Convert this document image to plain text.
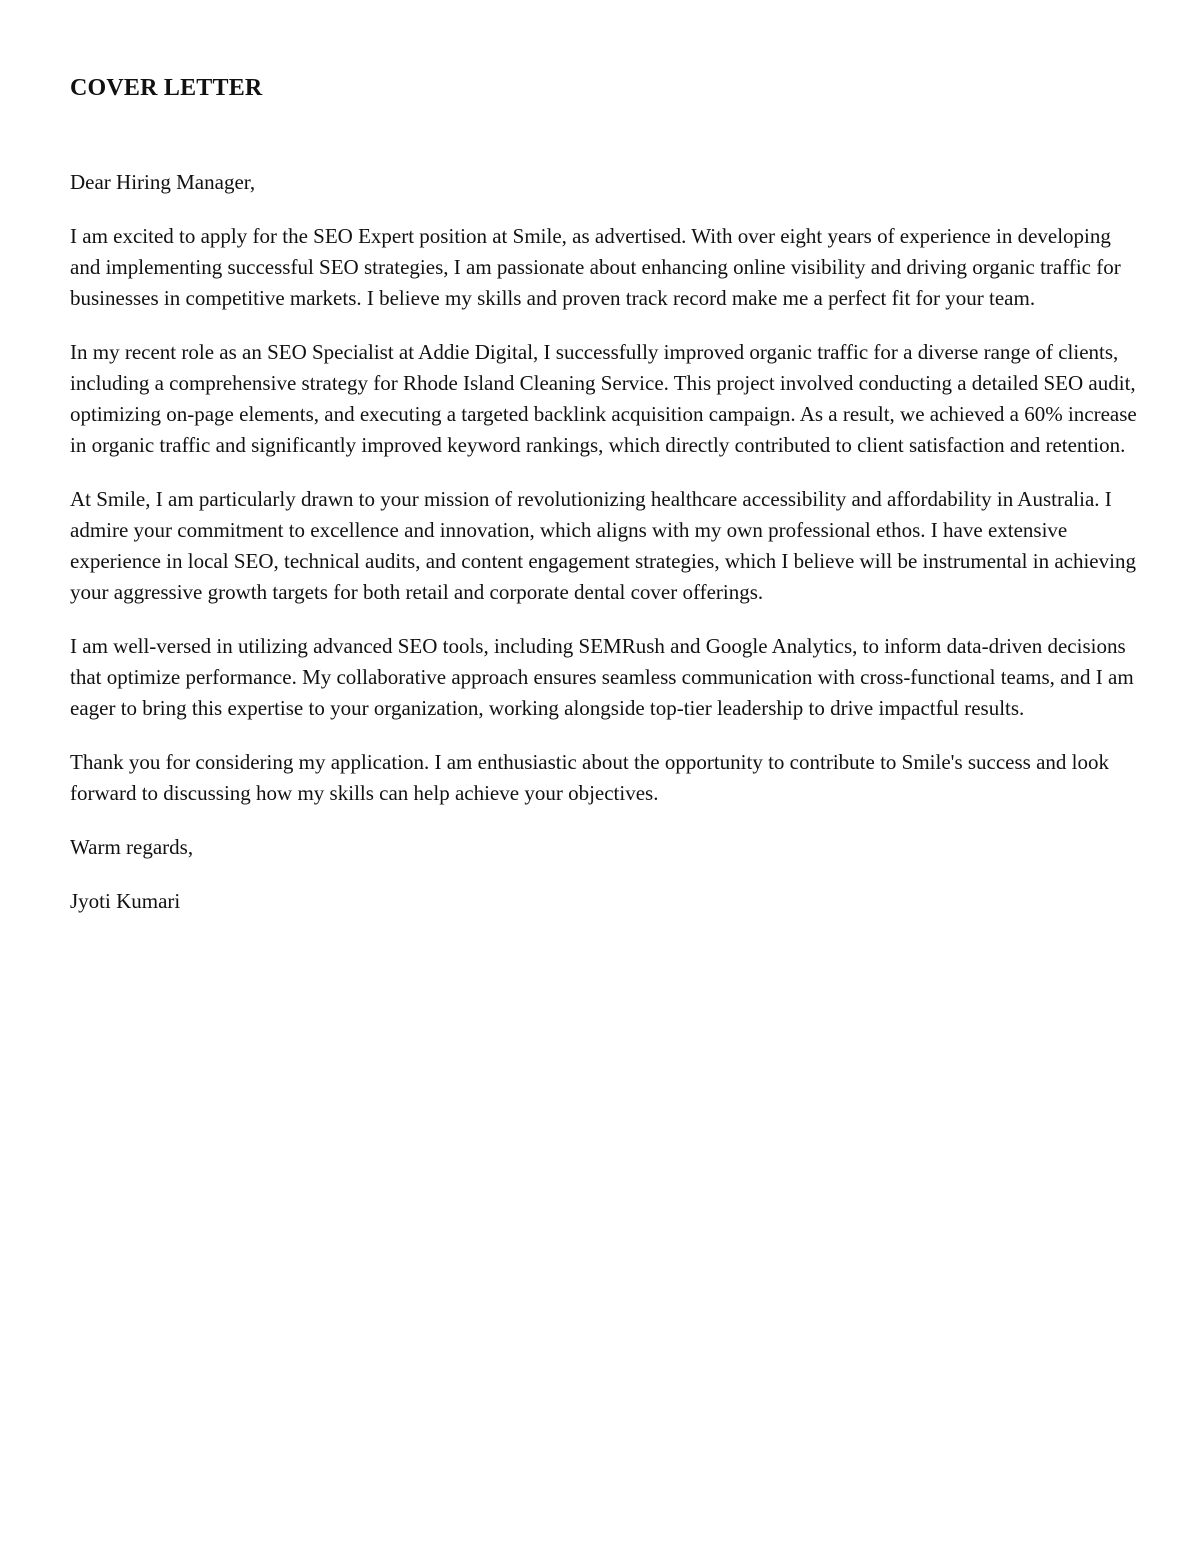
COVER LETTER

Dear Hiring Manager,

I am excited to apply for the SEO Expert position at Smile, as advertised. With over eight years of experience in developing and implementing successful SEO strategies, I am passionate about enhancing online visibility and driving organic traffic for businesses in competitive markets. I believe my skills and proven track record make me a perfect fit for your team.

In my recent role as an SEO Specialist at Addie Digital, I successfully improved organic traffic for a diverse range of clients, including a comprehensive strategy for Rhode Island Cleaning Service. This project involved conducting a detailed SEO audit, optimizing on-page elements, and executing a targeted backlink acquisition campaign. As a result, we achieved a 60% increase in organic traffic and significantly improved keyword rankings, which directly contributed to client satisfaction and retention.

At Smile, I am particularly drawn to your mission of revolutionizing healthcare accessibility and affordability in Australia. I admire your commitment to excellence and innovation, which aligns with my own professional ethos. I have extensive experience in local SEO, technical audits, and content engagement strategies, which I believe will be instrumental in achieving your aggressive growth targets for both retail and corporate dental cover offerings.

I am well-versed in utilizing advanced SEO tools, including SEMRush and Google Analytics, to inform data-driven decisions that optimize performance. My collaborative approach ensures seamless communication with cross-functional teams, and I am eager to bring this expertise to your organization, working alongside top-tier leadership to drive impactful results.

Thank you for considering my application. I am enthusiastic about the opportunity to contribute to Smile's success and look forward to discussing how my skills can help achieve your objectives.

Warm regards,

Jyoti Kumari
